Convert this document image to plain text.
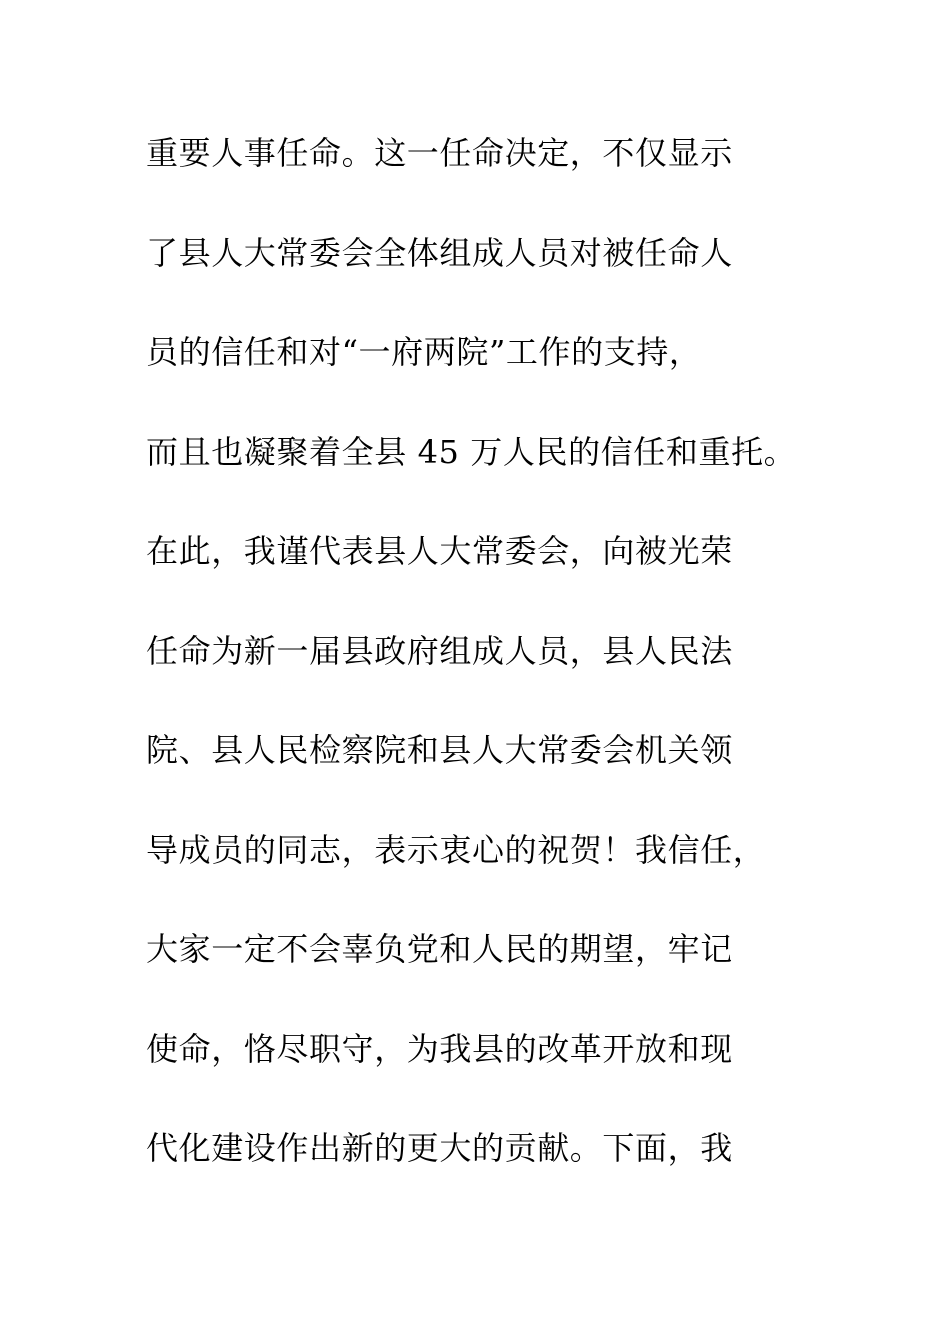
重要人事任命。这一任命决定，不仅显示
了县人大常委会全体组成人员对被任命人
员的信任和对“一府两院”工作的支持，
而且也凝聚着全县 45 万人民的信任和重托。
在此，我谨代表县人大常委会，向被光荣
任命为新一届县政府组成人员，县人民法
院、县人民检察院和县人大常委会机关领
导成员的同志，表示衷心的祝贺！我信任，
大家一定不会辜负党和人民的期望，牢记
使命，恪尽职守，为我县的改革开放和现
代化建设作出新的更大的贡献。下面，我
